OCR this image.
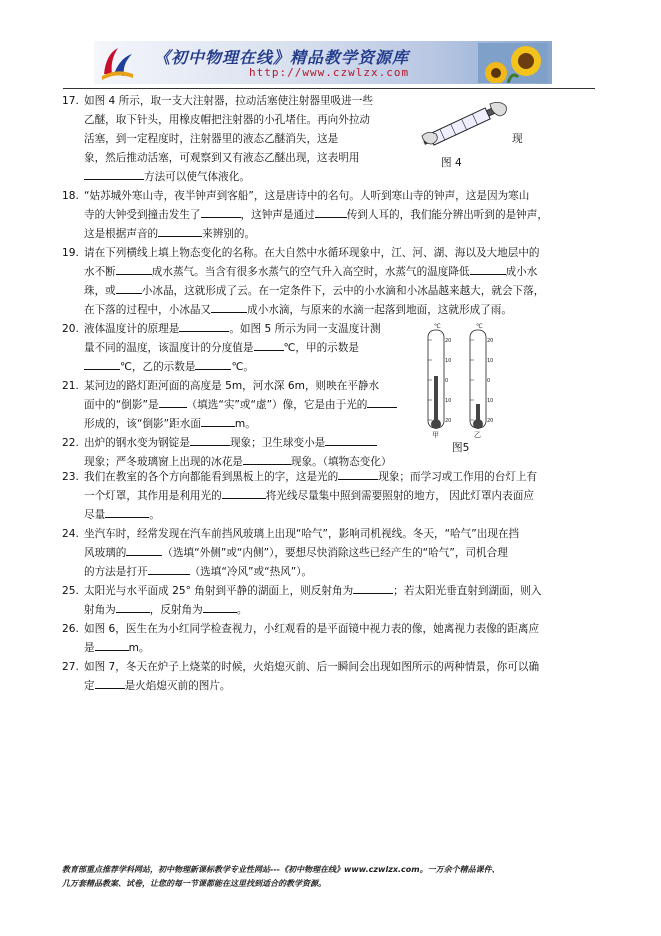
《初中物理在线》精品教学资源库
http://www.czwlzx.com
17. 如图 4 所示，取一支大注射器，拉动活塞使注射器里吸进一些
乙醚，取下针头，用橡皮帽把注射器的小孔堵住。再向外拉动
活塞，到一定程度时，注射器里的液态乙醚消失，这是	现
象，然后推动活塞，可观察到又有液态乙醚出现，这表明用
方法可以使气体液化。
图 4
18. “姑苏城外寒山寺，夜半钟声到客船”，这是唐诗中的名句。人听到寒山寺的钟声，这是因为寒山
寺的大钟受到撞击发生了	，这钟声是通过	传到人耳的，我们能分辨出听到的是钟声，
这是根据声音的	来辨别的。
19. 请在下列横线上填上物态变化的名称。在大自然中水循环现象中，江、河、湖、海以及大地层中的
水不断	成水蒸气。当含有很多水蒸气的空气升入高空时，水蒸气的温度降低	成小水
珠，或 小冰晶，这就形成了云。在一定条件下，云中的小水滴和小冰晶越来越大，就会下落，
在下落的过程中，小冰晶又	成小水滴，与原来的水滴一起落到地面，这就形成了雨。
20. 液体温度计的原理是	。如图 5 所示为同一支温度计测
量不同的温度，该温度计的分度值是	℃，甲的示数是
℃，乙的示数是	℃。
21. 某河边的路灯距河面的高度是 5m，河水深 6m，则映在平静水
面中的“倒影”是	（填选“实”或“虚”）像，它是由于光的
形成的，该“倒影”距水面	m。
22. 出炉的钢水变为钢锭是	现象；卫生球变小是
现象；严冬玻璃窗上出现的冰花是	现象。（填物态变化）
℃
20
10
0
10
20
甲
℃
20
10
0
10
20
乙
图5
23. 我们在教室的各个方向都能看到黑板上的字，这是光的	现象；而学习或工作用的台灯上有
一个灯罩，其作用是利用光的	将光线尽量集中照到需要照射的地方， 因此灯罩内表面应
尽量	。
24. 坐汽车时，经常发现在汽车前挡风玻璃上出现“哈气”，影响司机视线。冬天，“哈气”出现在挡
风玻璃的	（选填“外侧”或“内侧”），要想尽快消除这些已经产生的“哈气”，司机合理
的方法是打开	（选填“冷风”或“热风”）。
25. 太阳光与水平面成 25° 角射到平静的湖面上，则反射角为	；若太阳光垂直射到湖面，则入
射角为	，反射角为	。
26. 如图 6，医生在为小红同学检查视力，小红观看的是平面镜中视力表的像，她离视力表像的距离应
是	m。
27. 如图 7，冬天在炉子上烧菜的时候，火焰熄灭前、后一瞬间会出现如图所示的两种情景，你可以确
定	是火焰熄灭前的图片。
教育部重点推荐学科网站，初中物理新课标教学专业性网站---《初中物理在线》www.czwlzx.com。一万余个精品课件、
几万套精品教案、试卷，让您的每一节课都能在这里找到适合的教学资源。
